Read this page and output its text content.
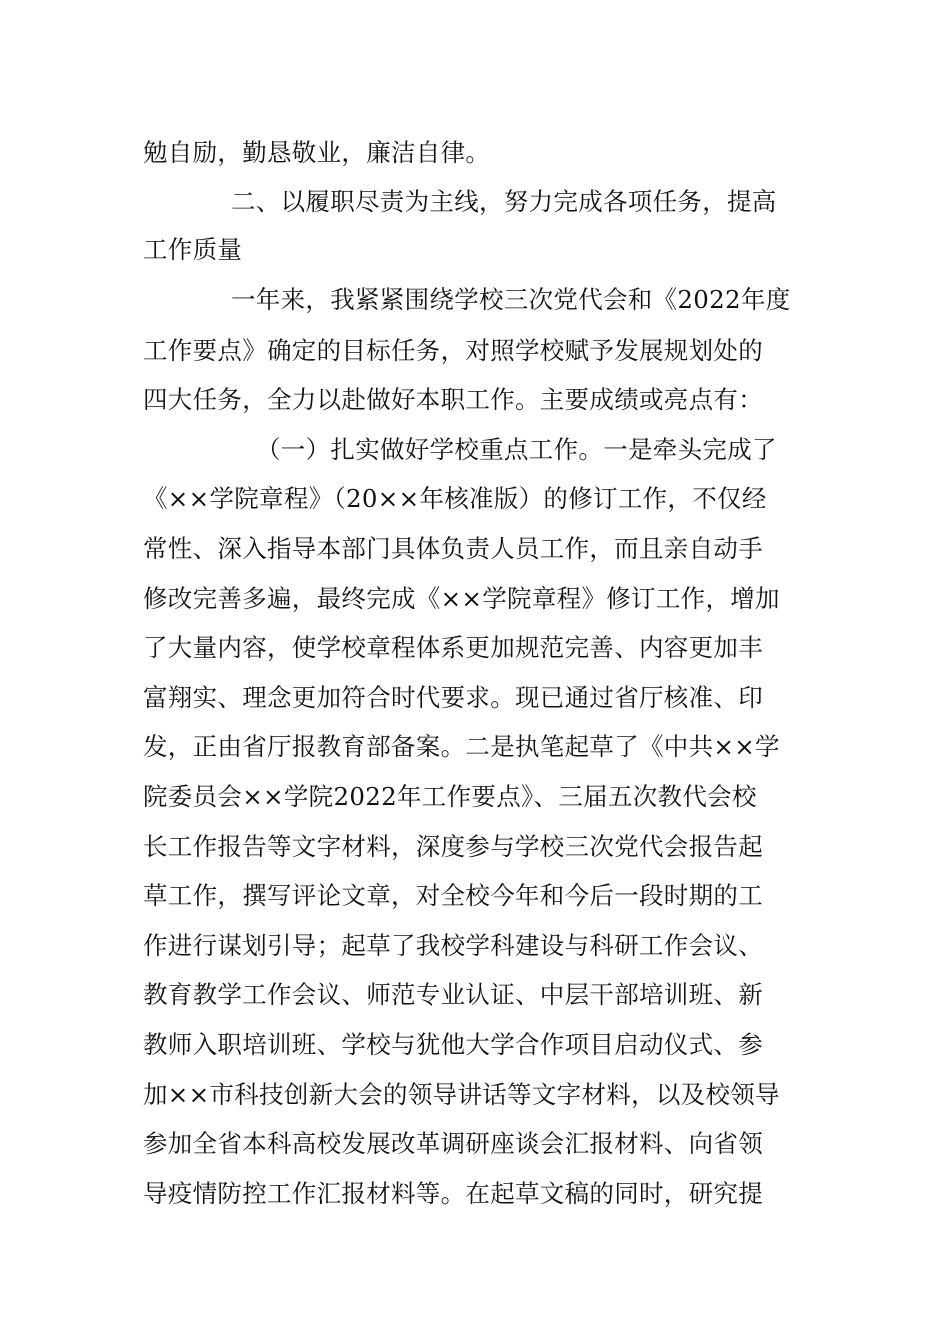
勉自励，勤恳敬业，廉洁自律。
二、以履职尽责为主线，努力完成各项任务，提高
工作质量
一年来，我紧紧围绕学校三次党代会和《2022年度
工作要点》确定的目标任务，对照学校赋予发展规划处的
四大任务，全力以赴做好本职工作。主要成绩或亮点有：
（一）扎实做好学校重点工作。一是牵头完成了
《××学院章程》（20××年核准版）的修订工作，不仅经
常性、深入指导本部门具体负责人员工作，而且亲自动手
修改完善多遍，最终完成《××学院章程》修订工作，增加
了大量内容，使学校章程体系更加规范完善、内容更加丰
富翔实、理念更加符合时代要求。现已通过省厅核准、印
发，正由省厅报教育部备案。二是执笔起草了《中共××学
院委员会××学院2022年工作要点》、三届五次教代会校
长工作报告等文字材料，深度参与学校三次党代会报告起
草工作，撰写评论文章，对全校今年和今后一段时期的工
作进行谋划引导；起草了我校学科建设与科研工作会议、
教育教学工作会议、师范专业认证、中层干部培训班、新
教师入职培训班、学校与犹他大学合作项目启动仪式、参
加××市科技创新大会的领导讲话等文字材料，以及校领导
参加全省本科高校发展改革调研座谈会汇报材料、向省领
导疫情防控工作汇报材料等。在起草文稿的同时，研究提
